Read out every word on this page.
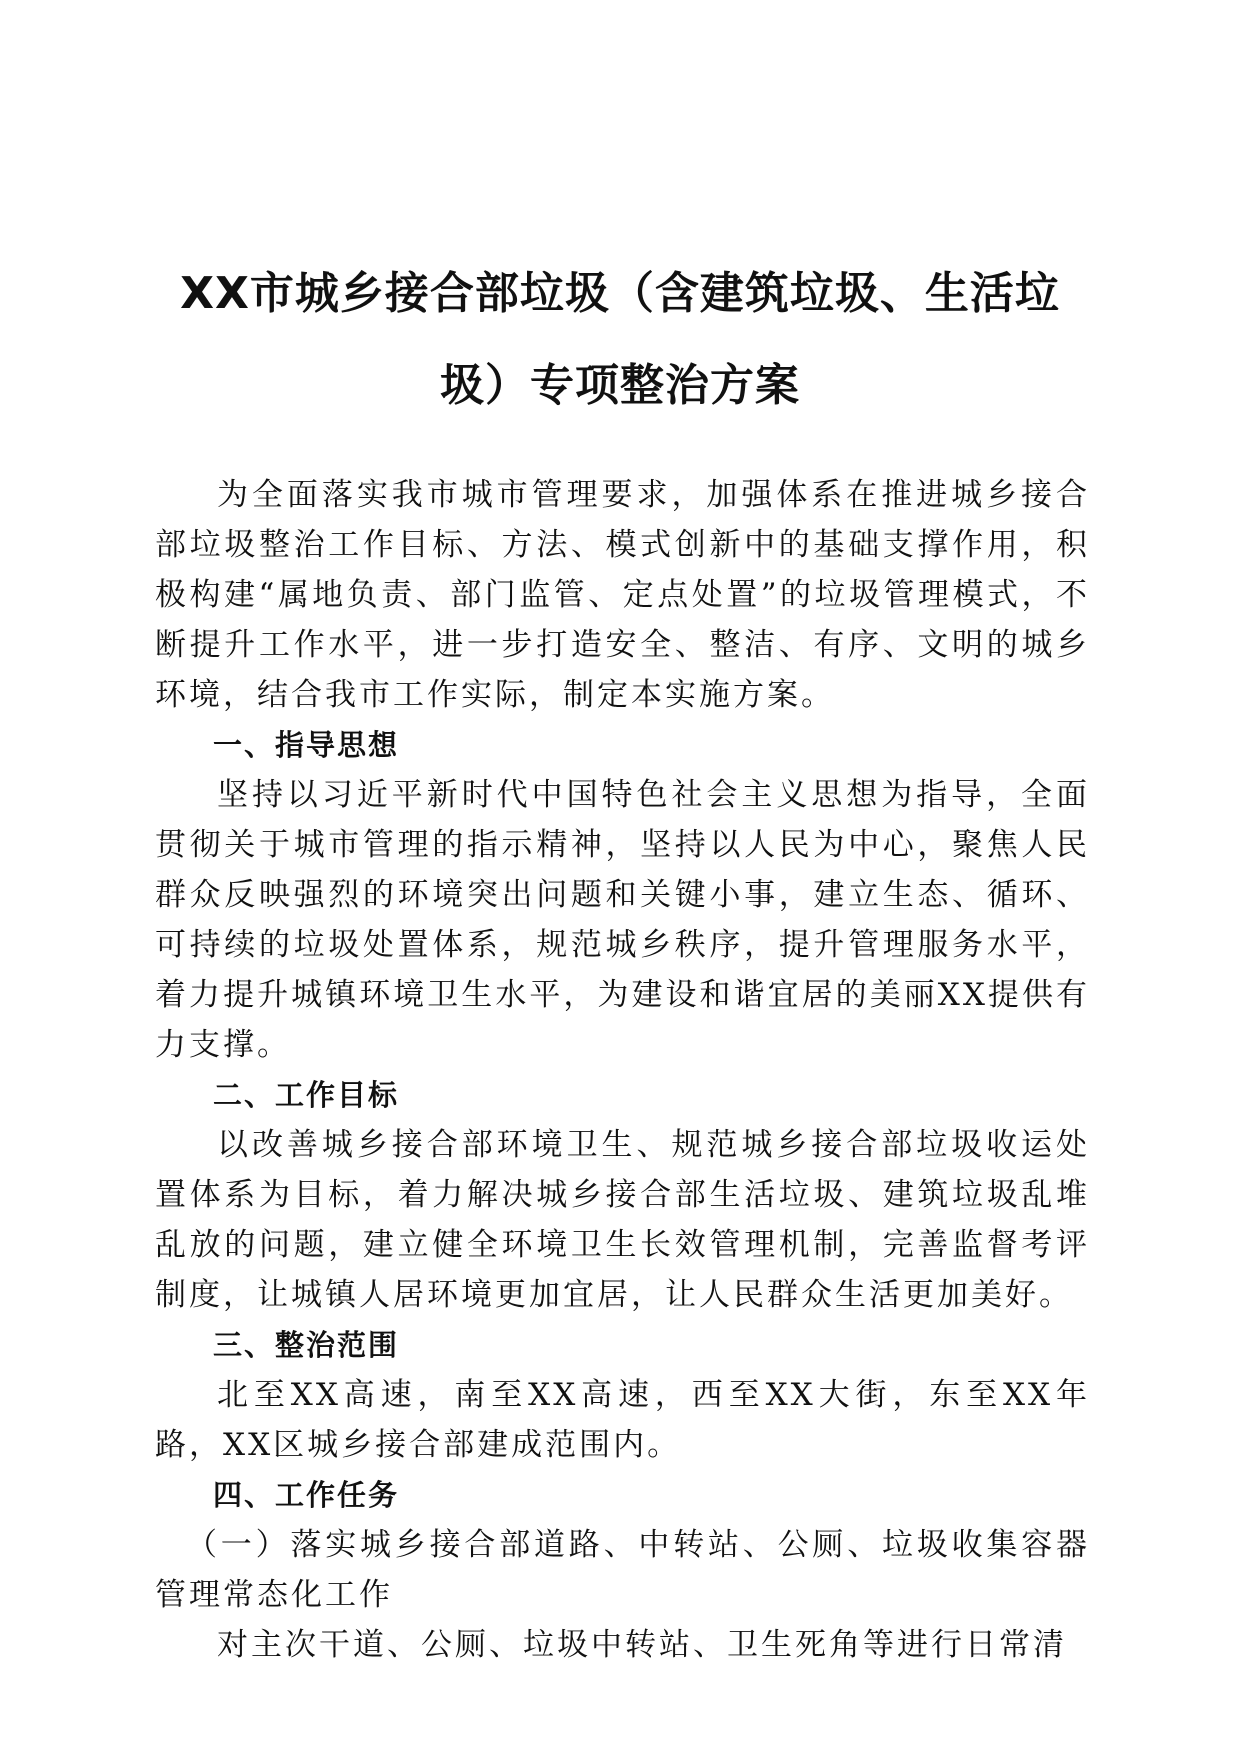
XX市城乡接合部垃圾（含建筑垃圾、生活垃
圾）专项整治方案

为全面落实我市城市管理要求，加强体系在推进城乡接合部垃圾整治工作目标、方法、模式创新中的基础支撑作用，积极构建“属地负责、部门监管、定点处置”的垃圾管理模式，不断提升工作水平，进一步打造安全、整洁、有序、文明的城乡环境，结合我市工作实际，制定本实施方案。

一、指导思想

坚持以习近平新时代中国特色社会主义思想为指导，全面贯彻关于城市管理的指示精神，坚持以人民为中心，聚焦人民群众反映强烈的环境突出问题和关键小事，建立生态、循环、可持续的垃圾处置体系，规范城乡秩序，提升管理服务水平，着力提升城镇环境卫生水平，为建设和谐宜居的美丽XX提供有力支撑。

二、工作目标

以改善城乡接合部环境卫生、规范城乡接合部垃圾收运处置体系为目标，着力解决城乡接合部生活垃圾、建筑垃圾乱堆乱放的问题，建立健全环境卫生长效管理机制，完善监督考评制度，让城镇人居环境更加宜居，让人民群众生活更加美好。

三、整治范围

北至XX高速，南至XX高速，西至XX大街，东至XX年路，XX区城乡接合部建成范围内。

四、工作任务

（一）落实城乡接合部道路、中转站、公厕、垃圾收集容器管理常态化工作

对主次干道、公厕、垃圾中转站、卫生死角等进行日常清
